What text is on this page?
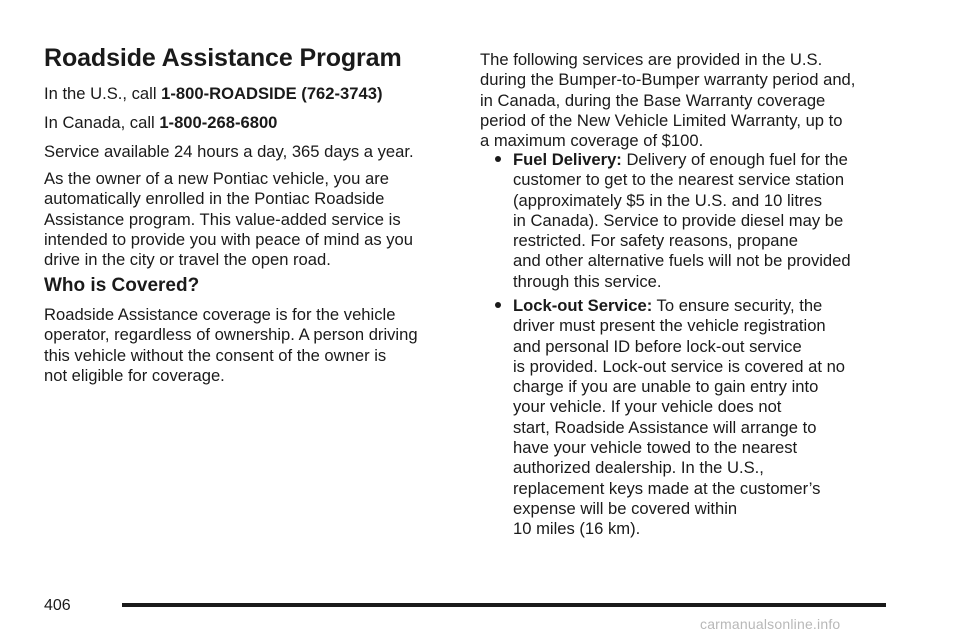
Roadside Assistance Program

In the U.S., call 1-800-ROADSIDE (762-3743)

In Canada, call 1-800-268-6800

Service available 24 hours a day, 365 days a year.

As the owner of a new Pontiac vehicle, you are
automatically enrolled in the Pontiac Roadside
Assistance program. This value-added service is
intended to provide you with peace of mind as you
drive in the city or travel the open road.
Who is Covered?
Roadside Assistance coverage is for the vehicle
operator, regardless of ownership. A person driving
this vehicle without the consent of the owner is
not eligible for coverage.
The following services are provided in the U.S.
during the Bumper-to-Bumper warranty period and,
in Canada, during the Base Warranty coverage
period of the New Vehicle Limited Warranty, up to
a maximum coverage of $100.
Fuel Delivery: Delivery of enough fuel for the
customer to get to the nearest service station
(approximately $5 in the U.S. and 10 litres
in Canada). Service to provide diesel may be
restricted. For safety reasons, propane
and other alternative fuels will not be provided
through this service.
Lock-out Service: To ensure security, the
driver must present the vehicle registration
and personal ID before lock-out service
is provided. Lock-out service is covered at no
charge if you are unable to gain entry into
your vehicle. If your vehicle does not
start, Roadside Assistance will arrange to
have your vehicle towed to the nearest
authorized dealership. In the U.S.,
replacement keys made at the customer’s
expense will be covered within
10 miles (16 km).
406
carmanualsonline.info
